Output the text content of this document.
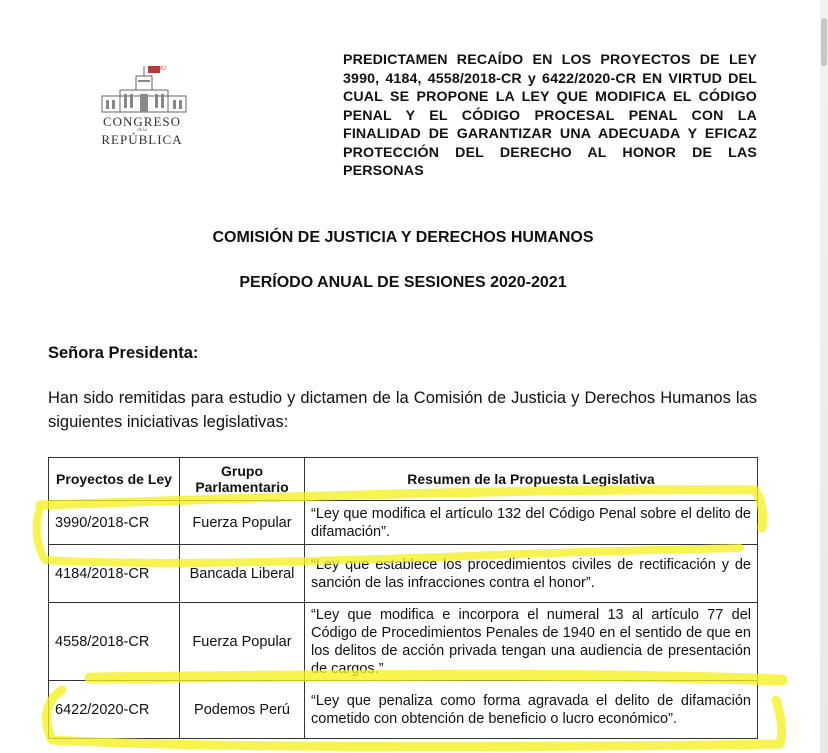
PERÚ
CONGRESO
de la
REPÚBLICA
PREDICTAMEN RECAÍDO EN LOS PROYECTOS DE LEY 3990, 4184, 4558/2018-CR y 6422/2020-CR EN VIRTUD DEL CUAL SE PROPONE LA LEY QUE MODIFICA EL CÓDIGO PENAL Y EL CÓDIGO PROCESAL PENAL CON LA FINALIDAD DE GARANTIZAR UNA ADECUADA Y EFICAZ PROTECCIÓN DEL DERECHO AL HONOR DE LAS PERSONAS
COMISIÓN DE JUSTICIA Y DERECHOS HUMANOS
PERÍODO ANUAL DE SESIONES 2020-2021
Señora Presidenta:
Han sido remitidas para estudio y dictamen de la Comisión de Justicia y Derechos Humanos las siguientes iniciativas legislativas:
Proyectos de Ley	Grupo Parlamentario	Resumen de la Propuesta Legislativa
3990/2018-CR	Fuerza Popular	“Ley que modifica el artículo 132 del Código Penal sobre el delito de difamación”.
4184/2018-CR	Bancada Liberal	“Ley que establece los procedimientos civiles de rectificación y de sanción de las infracciones contra el honor”.
4558/2018-CR	Fuerza Popular	“Ley que modifica e incorpora el numeral 13 al artículo 77 del Código de Procedimientos Penales de 1940 en el sentido de que en los delitos de acción privada tengan una audiencia de presentación de cargos.”
6422/2020-CR	Podemos Perú	“Ley que penaliza como forma agravada el delito de difamación cometido con obtención de beneficio o lucro económico”.
